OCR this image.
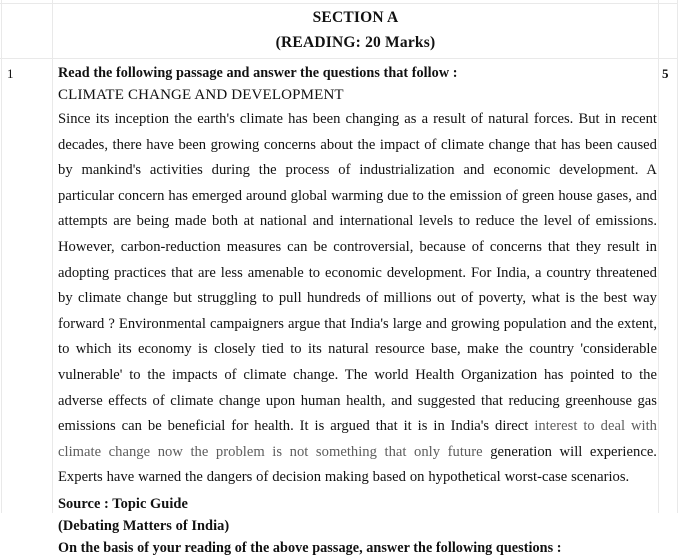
SECTION A
(READING: 20 Marks)
1	5
Read the following passage and answer the questions that follow :
CLIMATE CHANGE AND DEVELOPMENT

Since its inception the earth's climate has been changing as a result of natural forces. But in recent decades, there have been growing concerns about the impact of climate change that has been caused by mankind's activities during the process of industrialization and economic development. A particular concern has emerged around global warming due to the emission of green house gases, and attempts are being made both at national and international levels to reduce the level of emissions. However, carbon-reduction measures can be controversial, because of concerns that they result in adopting practices that are less amenable to economic development. For India, a country threatened by climate change but struggling to pull hundreds of millions out of poverty, what is the best way forward ? Environmental campaigners argue that India's large and growing population and the extent, to which its economy is closely tied to its natural resource base, make the country 'considerable vulnerable' to the impacts of climate change. The world Health Organization has pointed to the adverse effects of climate change upon human health, and suggested that reducing greenhouse gas emissions can be beneficial for health. It is argued that it is in India's direct interest to deal with climate change now the problem is not something that only future generation will experience. Experts have warned the dangers of decision making based on hypothetical worst-case scenarios.

Source : Topic Guide

(Debating Matters of India)

On the basis of your reading of the above passage, answer the following questions :
